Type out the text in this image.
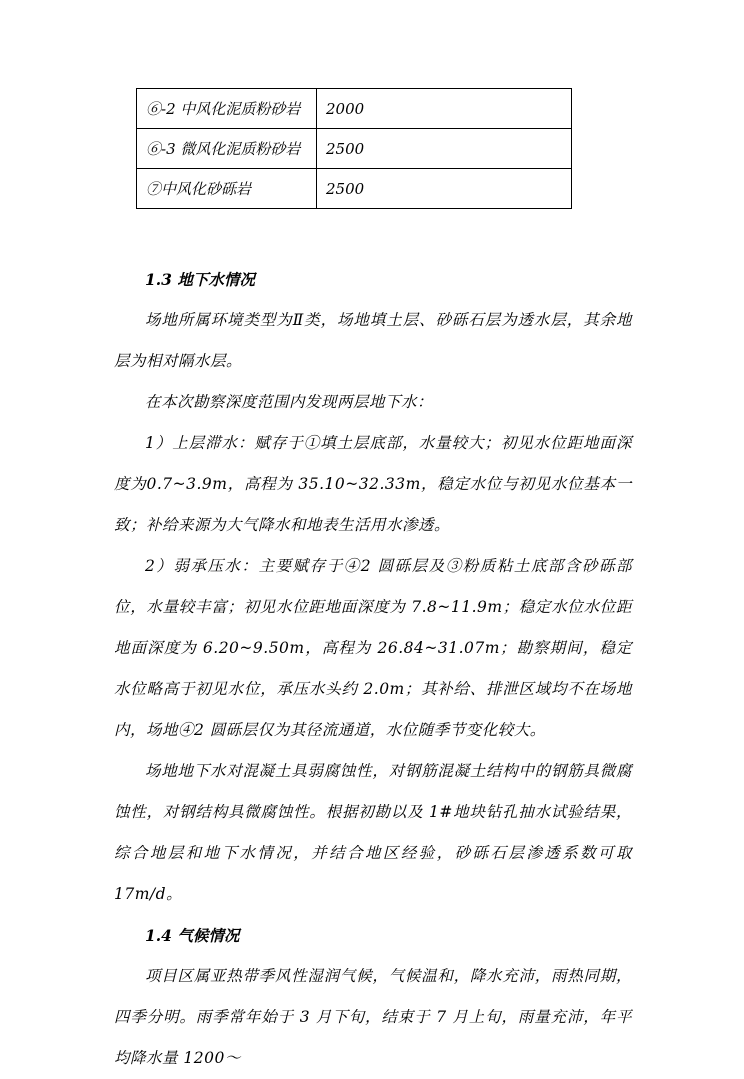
⑥-2 中风化泥质粉砂岩	2000
⑥-3 微风化泥质粉砂岩	2500
⑦中风化砂砾岩	2500

1.3 地下水情况

场地所属环境类型为Ⅱ类，场地填土层、砂砾石层为透水层，其余地层为相对隔水层。

在本次勘察深度范围内发现两层地下水：

1）上层滞水：赋存于①填土层底部，水量较大；初见水位距地面深度为0.7~3.9m，高程为 35.10~32.33m，稳定水位与初见水位基本一致；补给来源为大气降水和地表生活用水渗透。

2）弱承压水：主要赋存于④2 圆砾层及③粉质粘土底部含砂砾部位，水量较丰富；初见水位距地面深度为 7.8~11.9m；稳定水位水位距地面深度为 6.20~9.50m，高程为 26.84~31.07m；勘察期间，稳定水位略高于初见水位，承压水头约 2.0m；其补给、排泄区域均不在场地内，场地④2 圆砾层仅为其径流通道，水位随季节变化较大。

场地地下水对混凝土具弱腐蚀性，对钢筋混凝土结构中的钢筋具微腐蚀性，对钢结构具微腐蚀性。根据初勘以及 1#地块钻孔抽水试验结果，综合地层和地下水情况，并结合地区经验，砂砾石层渗透系数可取 17m/d。

1.4 气候情况

项目区属亚热带季风性湿润气候，气候温和，降水充沛，雨热同期，四季分明。雨季常年始于 3 月下旬，结束于 7 月上旬，雨量充沛，年平均降水量 1200～
